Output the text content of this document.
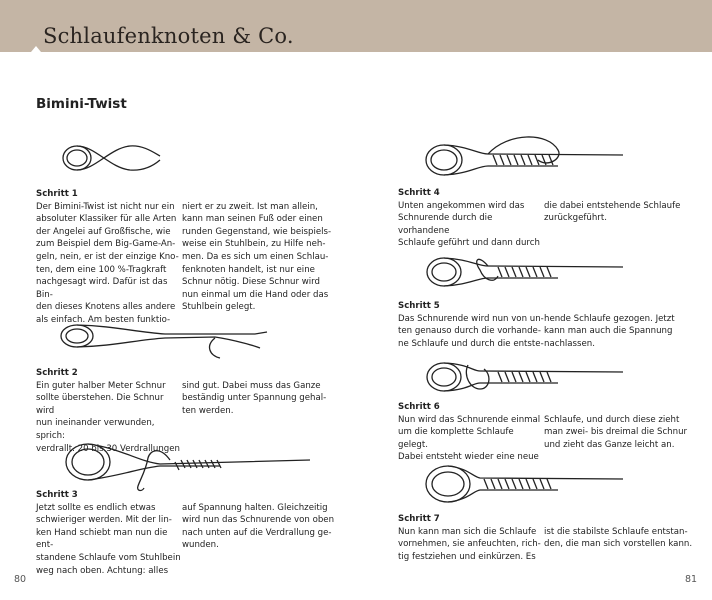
Schlaufenknoten & Co.
Bimini-Twist
Schritt 1
Der Bimini-Twist ist nicht nur ein
absoluter Klassiker für alle Arten
der Angelei auf Großfische, wie
zum Beispiel dem Big-Game-An-
geln, nein, er ist der einzige Kno-
ten, dem eine 100 %-Tragkraft
nachgesagt wird. Dafür ist das Bin-
den dieses Knotens alles andere
als einfach. Am besten funktio-
niert er zu zweit. Ist man allein,
kann man seinen Fuß oder einen
runden Gegenstand, wie beispiels-
weise ein Stuhlbein, zu Hilfe neh-
men. Da es sich um einen Schlau-
fenknoten handelt, ist nur eine
Schnur nötig. Diese Schnur wird
nun einmal um die Hand oder das
Stuhlbein gelegt.
Schritt 2
Ein guter halber Meter Schnur
sollte überstehen. Die Schnur wird
nun ineinander verwunden, sprich:
verdrallt. 20 bis 30 Verdrallungen
sind gut. Dabei muss das Ganze
beständig unter Spannung gehal-
ten werden.
Schritt 3
Jetzt sollte es endlich etwas
schwieriger werden. Mit der lin-
ken Hand schiebt man nun die ent-
standene Schlaufe vom Stuhlbein
weg nach oben. Achtung: alles
auf Spannung halten. Gleichzeitig
wird nun das Schnurende von oben
nach unten auf die Verdrallung ge-
wunden.
Schritt 4
Unten angekommen wird das
Schnurende durch die vorhandene
Schlaufe geführt und dann durch
die dabei entstehende Schlaufe
zurückgeführt.
Schritt 5
Das Schnurende wird nun von un-
ten genauso durch die vorhande-
ne Schlaufe und durch die entste-
hende Schlaufe gezogen. Jetzt
kann man auch die Spannung
nachlassen.
Schritt 6
Nun wird das Schnurende einmal
um die komplette Schlaufe gelegt.
Dabei entsteht wieder eine neue
Schlaufe, und durch diese zieht
man zwei- bis dreimal die Schnur
und zieht das Ganze leicht an.
Schritt 7
Nun kann man sich die Schlaufe
vornehmen, sie anfeuchten, rich-
tig festziehen und einkürzen. Es
ist die stabilste Schlaufe entstan-
den, die man sich vorstellen kann.
80	81
